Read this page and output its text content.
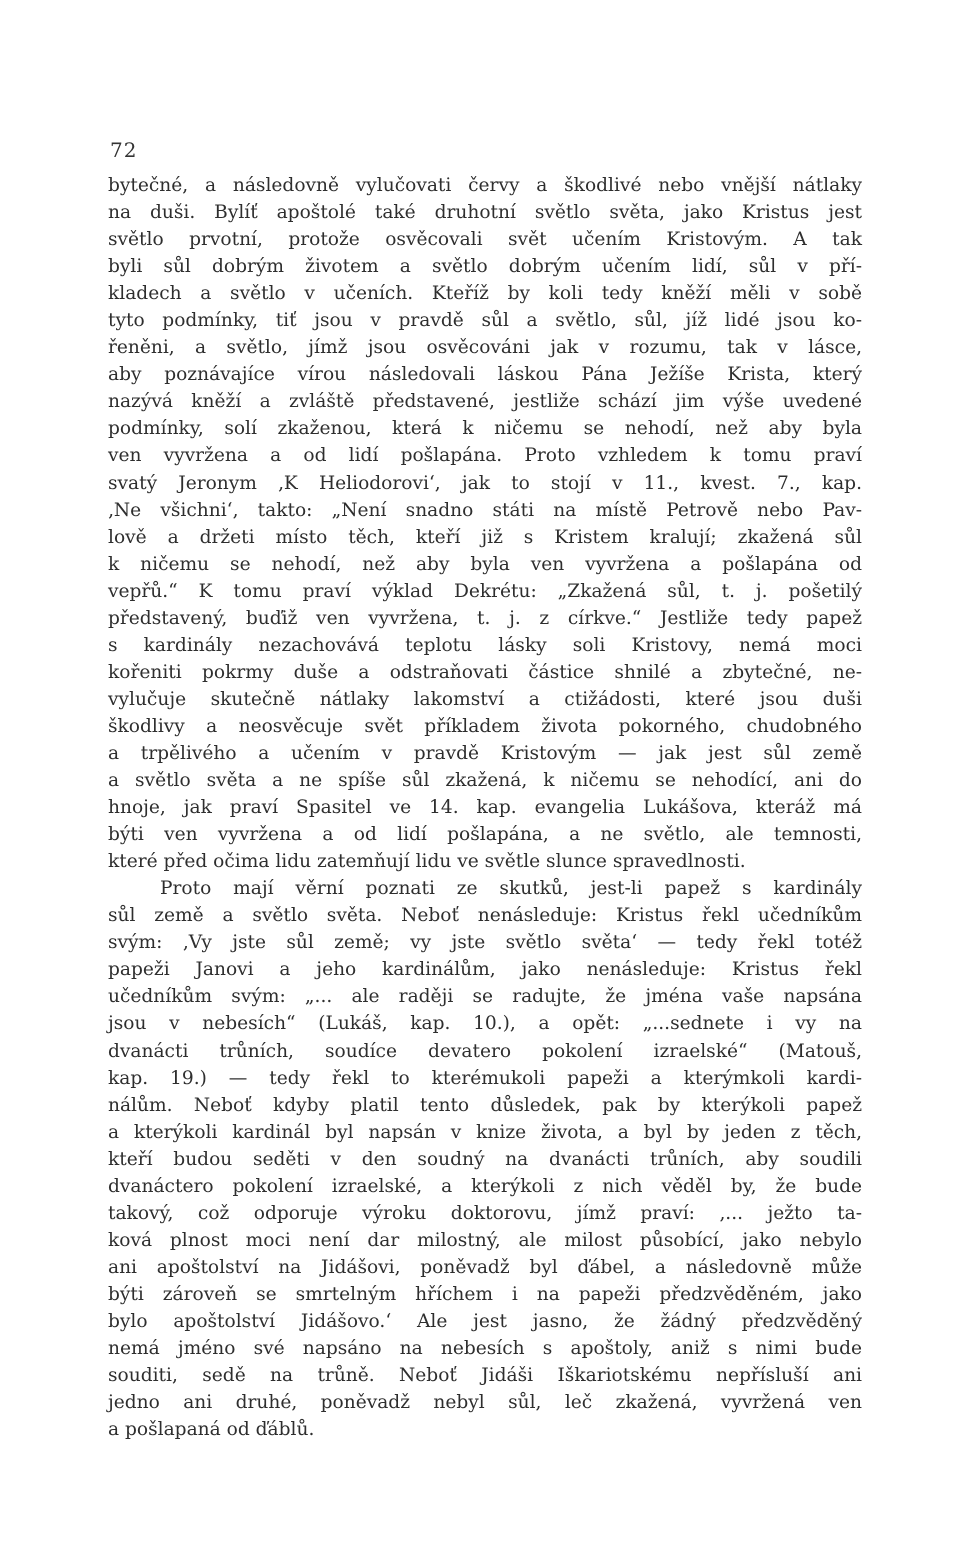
72
bytečné, a následovně vylučovati červy a škodlivé nebo vnější nátlaky
na duši. Bylíť apoštolé také druhotní světlo světa, jako Kristus jest
světlo prvotní, protože osvěcovali svět učením Kristovým. A tak
byli sůl dobrým životem a světlo dobrým učením lidí, sůl v pří-
kladech a světlo v učeních. Kteříž by koli tedy kněží měli v sobě
tyto podmínky, tiť jsou v pravdě sůl a světlo, sůl, jíž lidé jsou ko-
řeněni, a světlo, jímž jsou osvěcováni jak v rozumu, tak v lásce,
aby poznávajíce vírou následovali láskou Pána Ježíše Krista, který
nazývá kněží a zvláště představené, jestliže schází jim výše uvedené
podmínky, solí zkaženou, která k ničemu se nehodí, než aby byla
ven vyvržena a od lidí pošlapána. Proto vzhledem k tomu praví
svatý Jeronym ‚K Heliodorovi‘, jak to stojí v 11., kvest. 7., kap.
‚Ne všichni‘, takto: „Není snadno státi na místě Petrově nebo Pav-
lově a držeti místo těch, kteří již s Kristem kralují; zkažená sůl
k ničemu se nehodí, než aby byla ven vyvržena a pošlapána od
vepřů.“ K tomu praví výklad Dekrétu: „Zkažená sůl, t. j. pošetilý
představený, buďiž ven vyvržena, t. j. z církve.“ Jestliže tedy papež
s kardinály nezachovává teplotu lásky soli Kristovy, nemá moci
kořeniti pokrmy duše a odstraňovati částice shnilé a zbytečné, ne-
vylučuje skutečně nátlaky lakomství a ctižádosti, které jsou duši
škodlivy a neosvěcuje svět příkladem života pokorného, chudobného
a trpělivého a učením v pravdě Kristovým — jak jest sůl země
a světlo světa a ne spíše sůl zkažená, k ničemu se nehodící, ani do
hnoje, jak praví Spasitel ve 14. kap. evangelia Lukášova, kteráž má
býti ven vyvržena a od lidí pošlapána, a ne světlo, ale temnosti,
které před očima lidu zatemňují lidu ve světle slunce spravedlnosti.
Proto mají věrní poznati ze skutků, jest-li papež s kardinály
sůl země a světlo světa. Neboť nenásleduje: Kristus řekl učedníkům
svým: ‚Vy jste sůl země; vy jste světlo světa‘ — tedy řekl totéž
papeži Janovi a jeho kardinálům, jako nenásleduje: Kristus řekl
učedníkům svým: „... ale raději se radujte, že jména vaše napsána
jsou v nebesích“ (Lukáš, kap. 10.), a opět: „...sednete i vy na
dvanácti trůních, soudíce devatero pokolení izraelské“ (Matouš,
kap. 19.) — tedy řekl to kterémukoli papeži a kterýmkoli kardi-
nálům. Neboť kdyby platil tento důsledek, pak by kterýkoli papež
a kterýkoli kardinál byl napsán v knize života, a byl by jeden z těch,
kteří budou seděti v den soudný na dvanácti trůních, aby soudili
dvanáctero pokolení izraelské, a kterýkoli z nich věděl by, že bude
takový, což odporuje výroku doktorovu, jímž praví: ‚... ježto ta-
ková plnost moci není dar milostný, ale milost působící, jako nebylo
ani apoštolství na Jidášovi, poněvadž byl ďábel, a následovně může
býti zároveň se smrtelným hříchem i na papeži předzvěděném, jako
bylo apoštolství Jidášovo.‘ Ale jest jasno, že žádný předzvěděný
nemá jméno své napsáno na nebesích s apoštoly, aniž s nimi bude
souditi, sedě na trůně. Neboť Jidáši Iškariotskému nepřísluší ani
jedno ani druhé, poněvadž nebyl sůl, leč zkažená, vyvržená ven
a pošlapaná od ďáblů.
